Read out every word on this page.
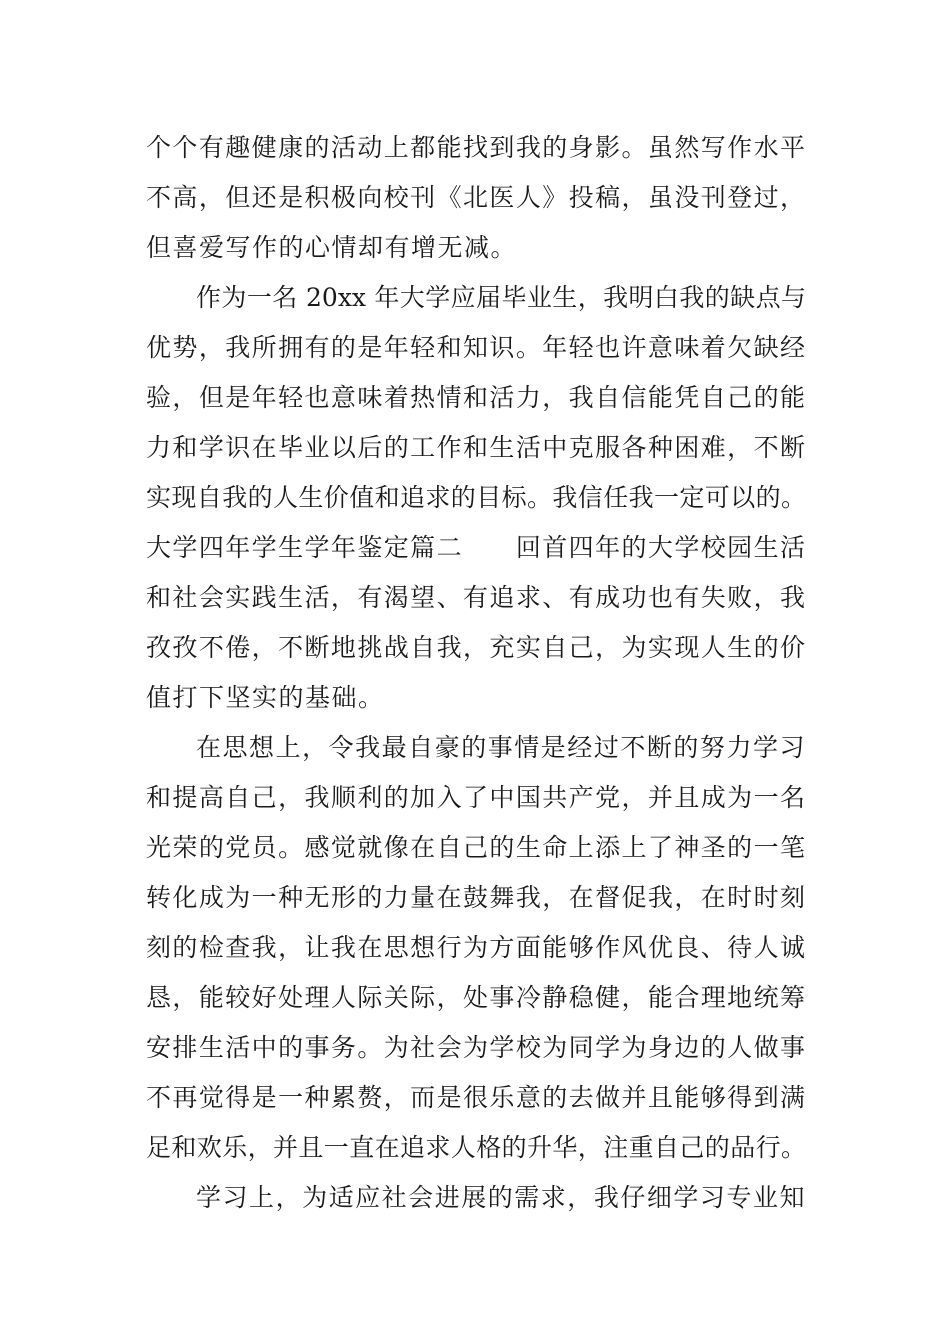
个个有趣健康的活动上都能找到我的身影。虽然写作水平
不高，但还是积极向校刊《北医人》投稿，虽没刊登过，
但喜爱写作的心情却有增无减。
作为一名 20xx 年大学应届毕业生，我明白我的缺点与
优势，我所拥有的是年轻和知识。年轻也许意味着欠缺经
验，但是年轻也意味着热情和活力，我自信能凭自己的能
力和学识在毕业以后的工作和生活中克服各种困难，不断
实现自我的人生价值和追求的目标。我信任我一定可以的。
大学四年学生学年鉴定篇二　　回首四年的大学校园生活
和社会实践生活，有渴望、有追求、有成功也有失败，我
孜孜不倦，不断地挑战自我，充实自己，为实现人生的价
值打下坚实的基础。
在思想上，令我最自豪的事情是经过不断的努力学习
和提高自己，我顺利的加入了中国共产党，并且成为一名
光荣的党员。感觉就像在自己的生命上添上了神圣的一笔
转化成为一种无形的力量在鼓舞我，在督促我，在时时刻
刻的检查我，让我在思想行为方面能够作风优良、待人诚
恳，能较好处理人际关际，处事冷静稳健，能合理地统筹
安排生活中的事务。为社会为学校为同学为身边的人做事
不再觉得是一种累赘，而是很乐意的去做并且能够得到满
足和欢乐，并且一直在追求人格的升华，注重自己的品行。
学习上，为适应社会进展的需求，我仔细学习专业知
